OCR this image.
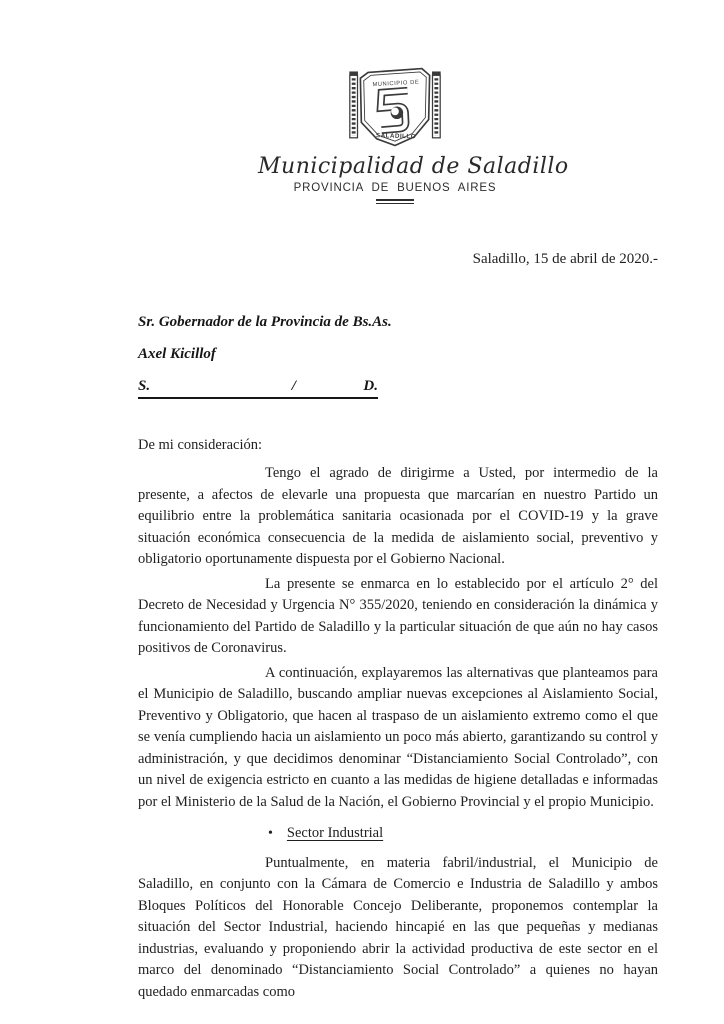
MUNICIPIO DE
SALADILLO
Municipalidad de Saladillo
PROVINCIA DE BUENOS AIRES
Saladillo, 15 de abril de 2020.-
Sr. Gobernador de la Provincia de Bs.As.
Axel Kicillof
S.	/	D.
De mi consideración:

Tengo el agrado de dirigirme a Usted, por intermedio de la presente, a afectos de elevarle una propuesta que marcarían en nuestro Partido un equilibrio entre la problemática sanitaria ocasionada por el COVID-19 y la grave situación económica consecuencia de la medida de aislamiento social, preventivo y obligatorio oportunamente dispuesta por el Gobierno Nacional.

La presente se enmarca en lo establecido por el artículo 2° del Decreto de Necesidad y Urgencia N° 355/2020, teniendo en consideración la dinámica y funcionamiento del Partido de Saladillo y la particular situación de que aún no hay casos positivos de Coronavirus.

A continuación, explayaremos las alternativas que planteamos para el Municipio de Saladillo, buscando ampliar nuevas excepciones al Aislamiento Social, Preventivo y Obligatorio, que hacen al traspaso de un aislamiento extremo como el que se venía cumpliendo hacia un aislamiento un poco más abierto, garantizando su control y administración, y que decidimos denominar “Distanciamiento Social Controlado”, con un nivel de exigencia estricto en cuanto a las medidas de higiene detalladas e informadas por el Ministerio de la Salud de la Nación, el Gobierno Provincial y el propio Municipio.

• Sector Industrial

Puntualmente, en materia fabril/industrial, el Municipio de Saladillo, en conjunto con la Cámara de Comercio e Industria de Saladillo y ambos Bloques Políticos del Honorable Concejo Deliberante, proponemos contemplar la situación del Sector Industrial, haciendo hincapié en las que pequeñas y medianas industrias, evaluando y proponiendo abrir la actividad productiva de este sector en el marco del denominado “Distanciamiento Social Controlado” a quienes no hayan quedado enmarcadas como
